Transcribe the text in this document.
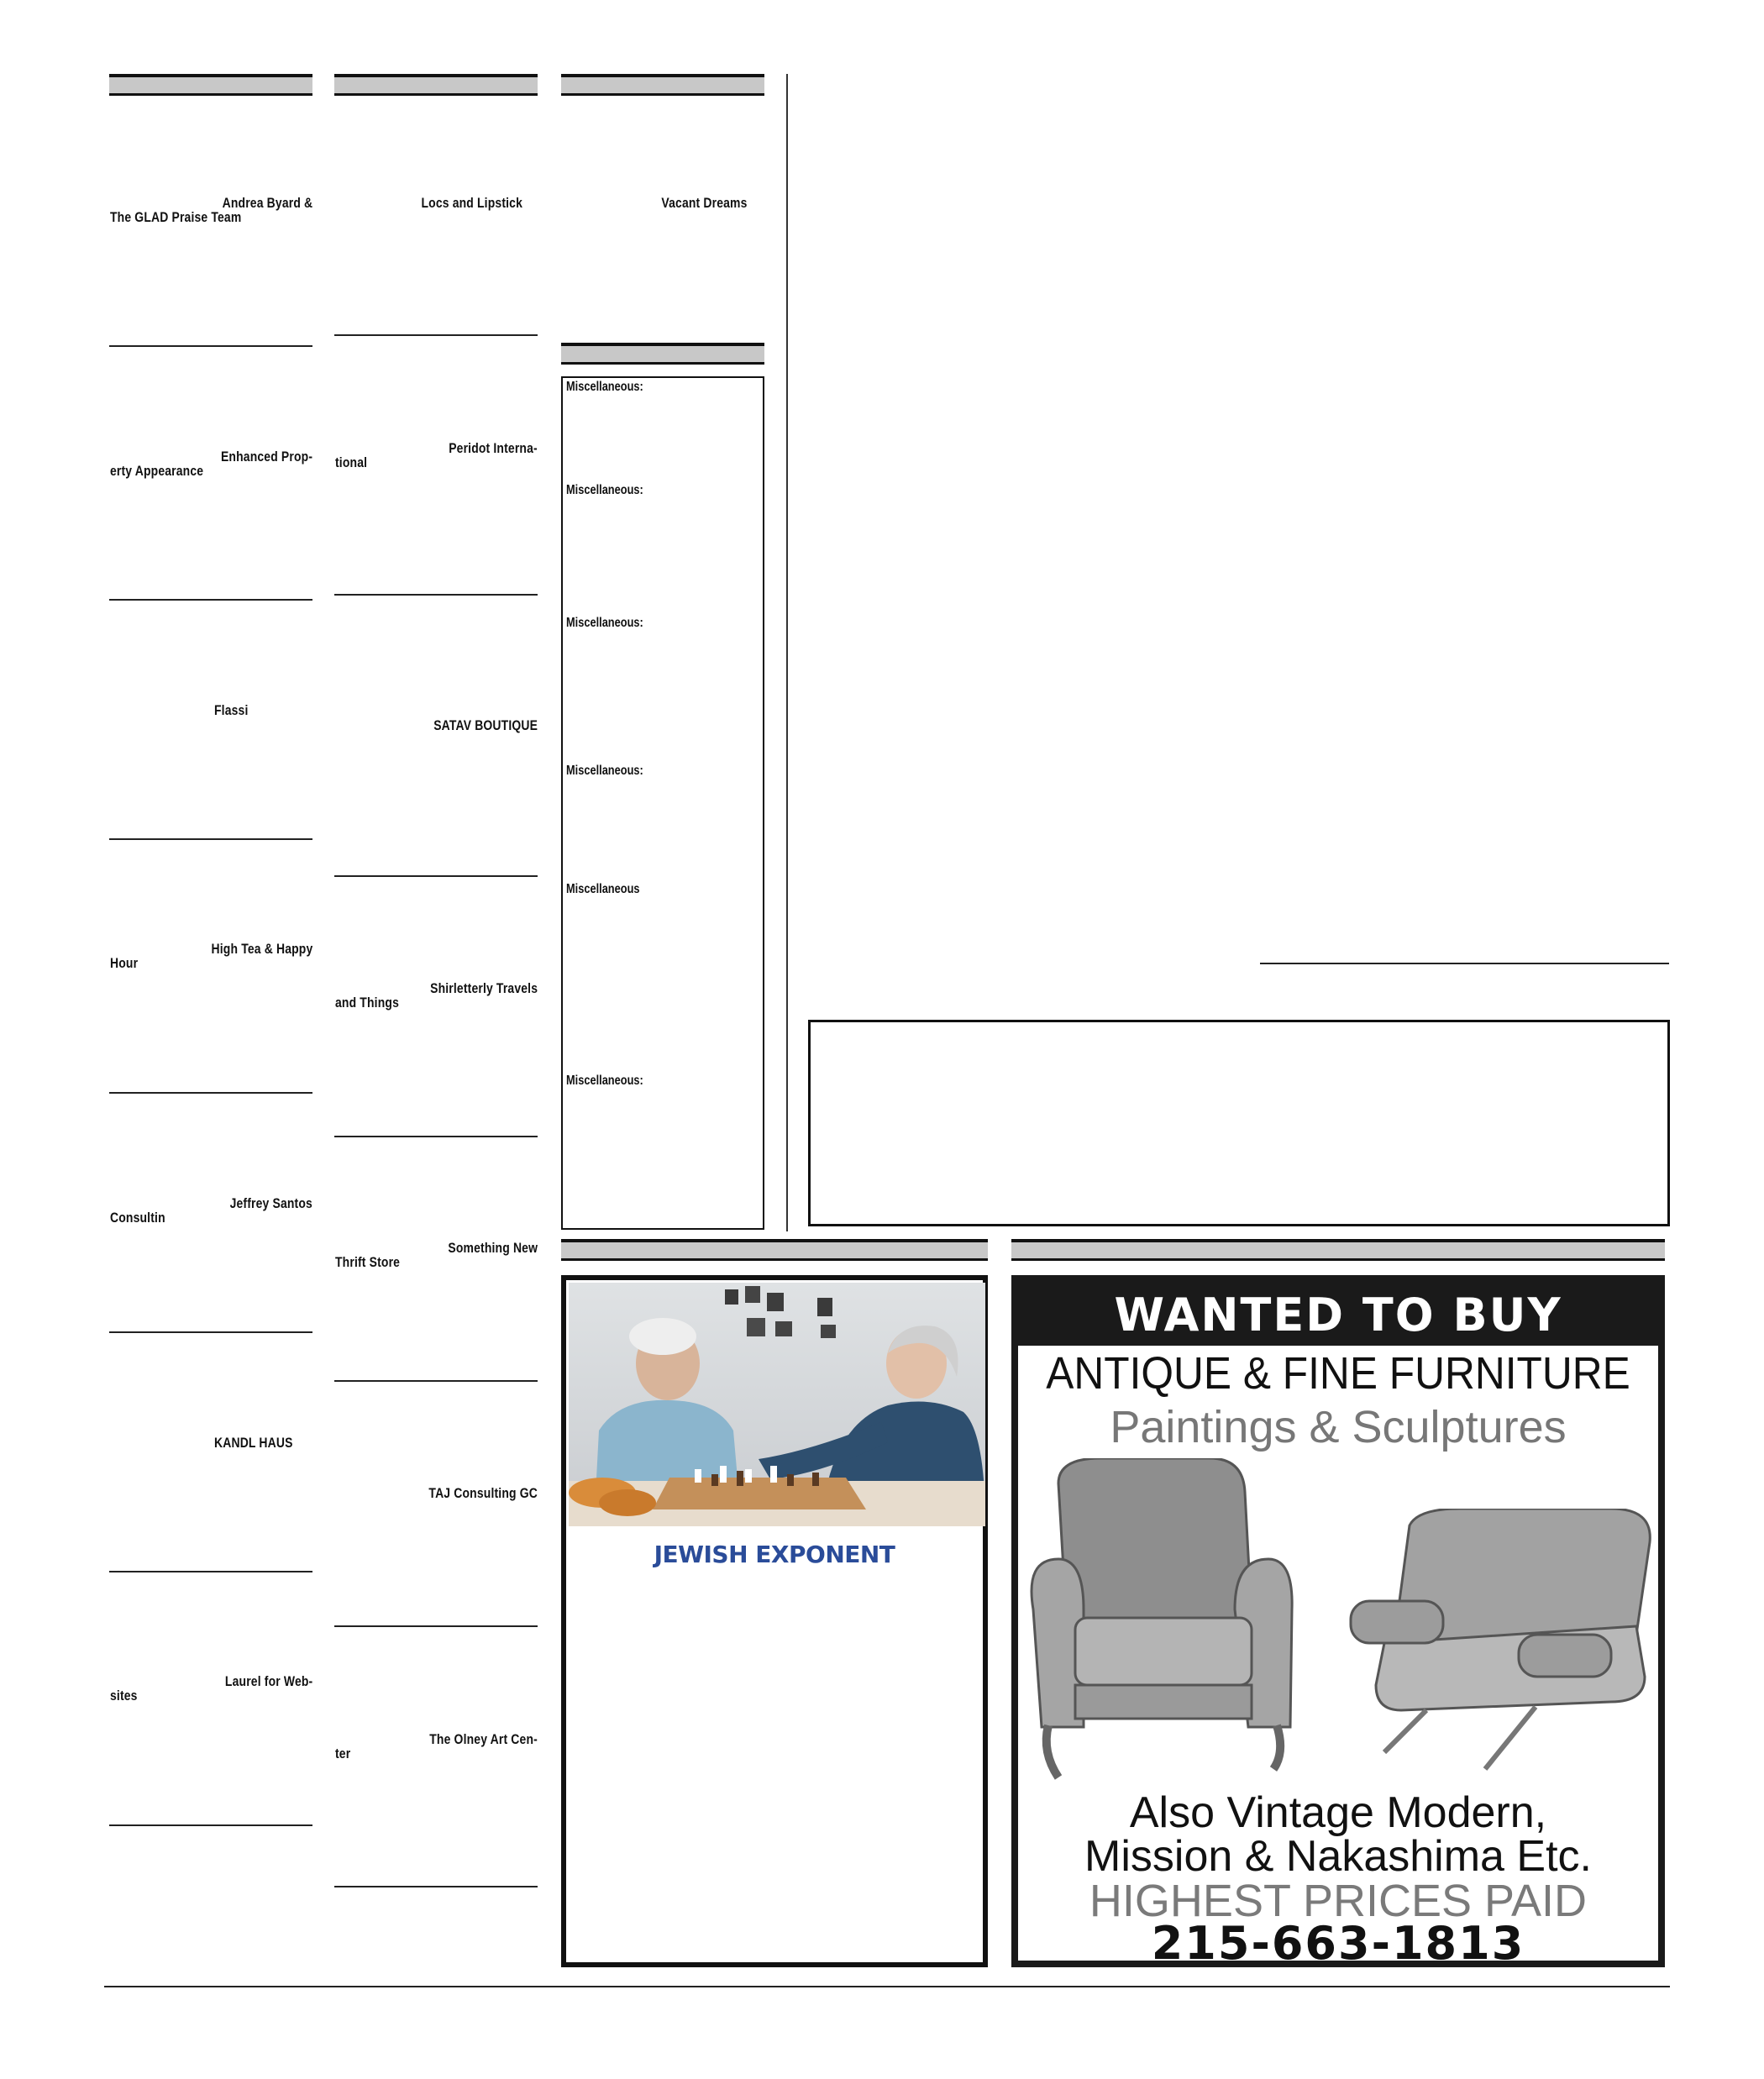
Andrea Byard &
The GLAD Praise Team
Enhanced Prop-
erty Appearance
Flassi
High Tea & Happy
Hour
Jeffrey Santos
Consultin
KANDL HAUS
Laurel for Web-
sites
Locs and Lipstick
Peridot Interna-
tional
SATAV BOUTIQUE
Shirletterly Travels
and Things
Something New
Thrift Store
TAJ Consulting GC
The Olney Art Cen-
ter
Vacant Dreams
Miscellaneous:
Miscellaneous:
Miscellaneous:
Miscellaneous:
Miscellaneous
Miscellaneous:
JEWISH EXPONENT
WANTED TO BUY
ANTIQUE & FINE FURNITURE
Paintings & Sculptures
Also Vintage Modern,
Mission & Nakashima Etc.
HIGHEST PRICES PAID
215-663-1813
